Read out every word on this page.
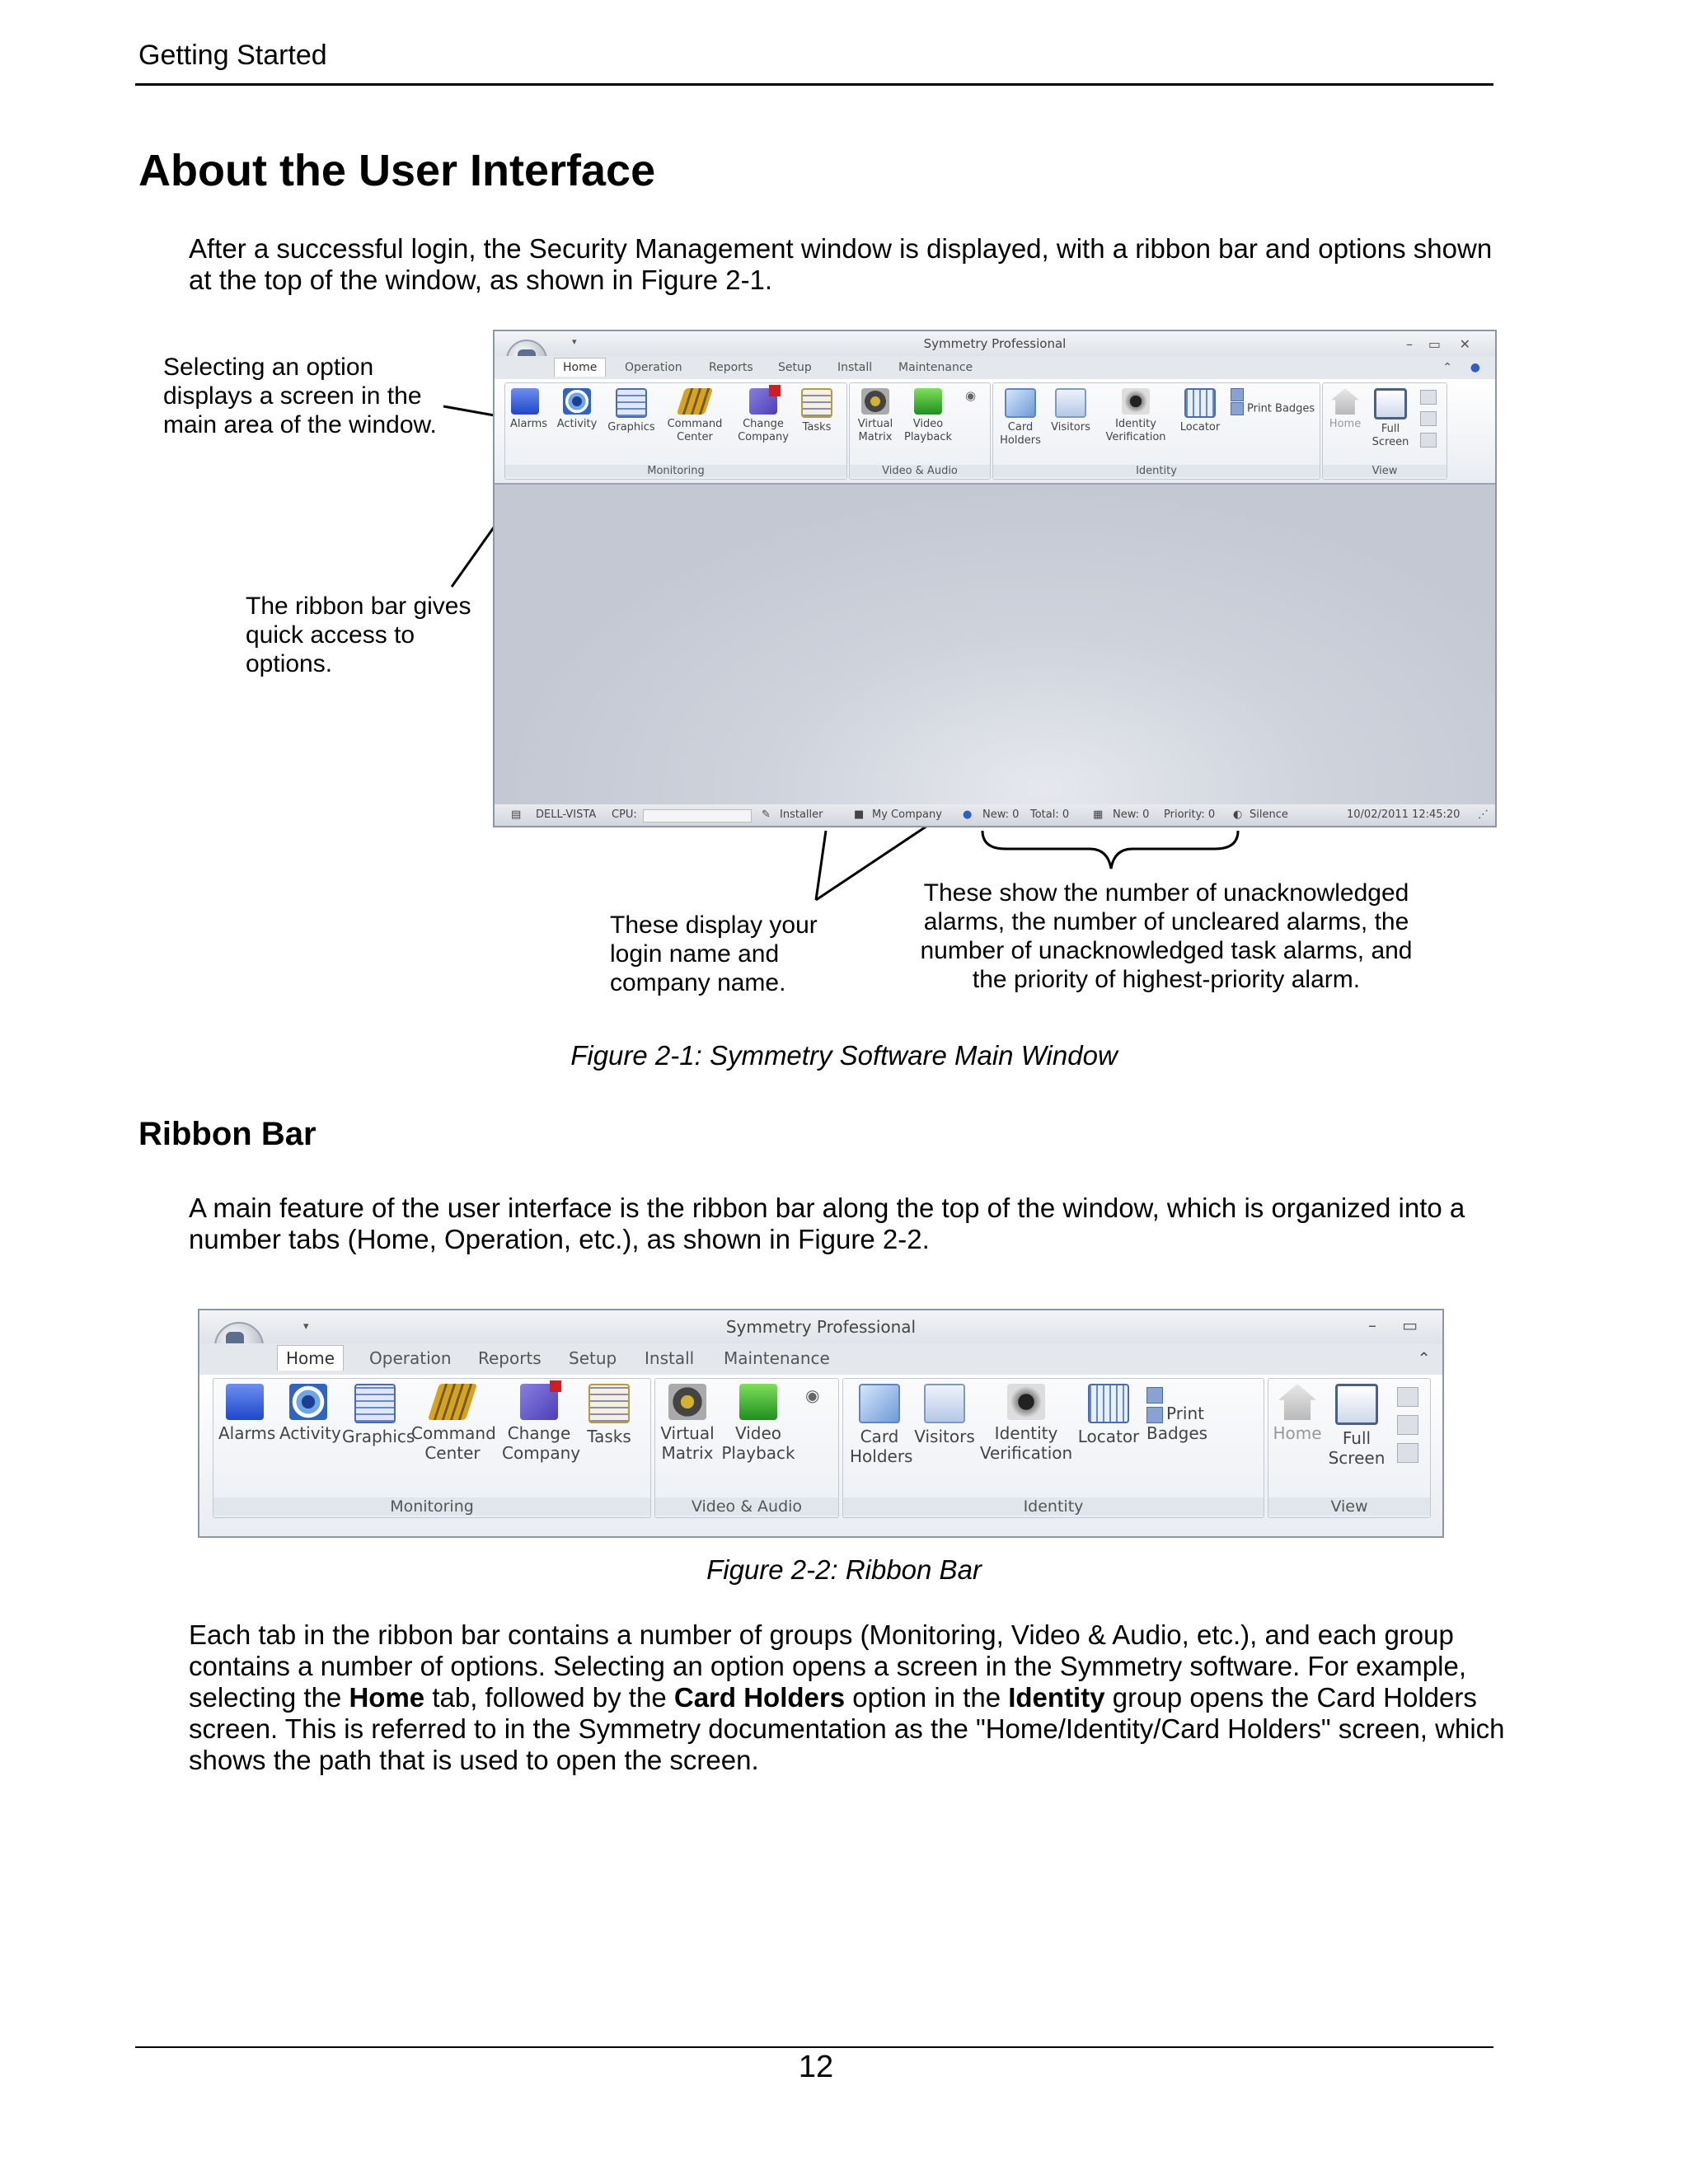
Getting Started
About the User Interface

After a successful login, the Security Management window is displayed, with a ribbon bar and options shown at the top of the window, as shown in Figure 2-1.

Selecting an option displays a screen in the main area of the window.
The ribbon bar gives quick access to options.
These display your login name and company name.
These show the number of unacknowledged alarms, the number of uncleared alarms, the number of unacknowledged task alarms, and the priority of highest-priority alarm.
Symmetry Professional	– ▭ ✕
▾
Home	Operation Reports Setup Install Maintenance	⌃ ●
Alarms Activity Graphics	Command
Center
Change
Company
Tasks
Monitoring
Virtual
Matrix
Video
Playback
◉
Video & Audio
Card
Holders
Visitors	Identity
Verification
Locator

Print Badges
Identity
Home	Full
Screen
View
▤ DELL-VISTA CPU:	✎ Installer	■ My Company ● New: 0 Total: 0 ▦ New: 0 Priority: 0 ◐ Silence	10/02/2011 12:45:20 ⋰
Figure 2-1: Symmetry Software Main Window
Ribbon Bar

A main feature of the user interface is the ribbon bar along the top of the window, which is organized into a number tabs (Home, Operation, etc.), as shown in Figure 2-2.

Symmetry Professional	– ▭
▾
Home	Operation Reports Setup Install Maintenance	⌃
Alarms Activity Graphics
Command
Center
Change
Company
Tasks
Monitoring
Virtual
Matrix
Video
Playback
◉
Video & Audio
Card
Holders
Visitors	Identity
Verification
Locator

Print Badges
Identity
Home	Full
Screen
View
Figure 2-2: Ribbon Bar

Each tab in the ribbon bar contains a number of groups (Monitoring, Video & Audio, etc.), and each group contains a number of options. Selecting an option opens a screen in the Symmetry software. For example, selecting the Home tab, followed by the Card Holders option in the Identity group opens the Card Holders screen. This is referred to in the Symmetry documentation as the "Home/Identity/Card Holders" screen, which shows the path that is used to open the screen.

12
